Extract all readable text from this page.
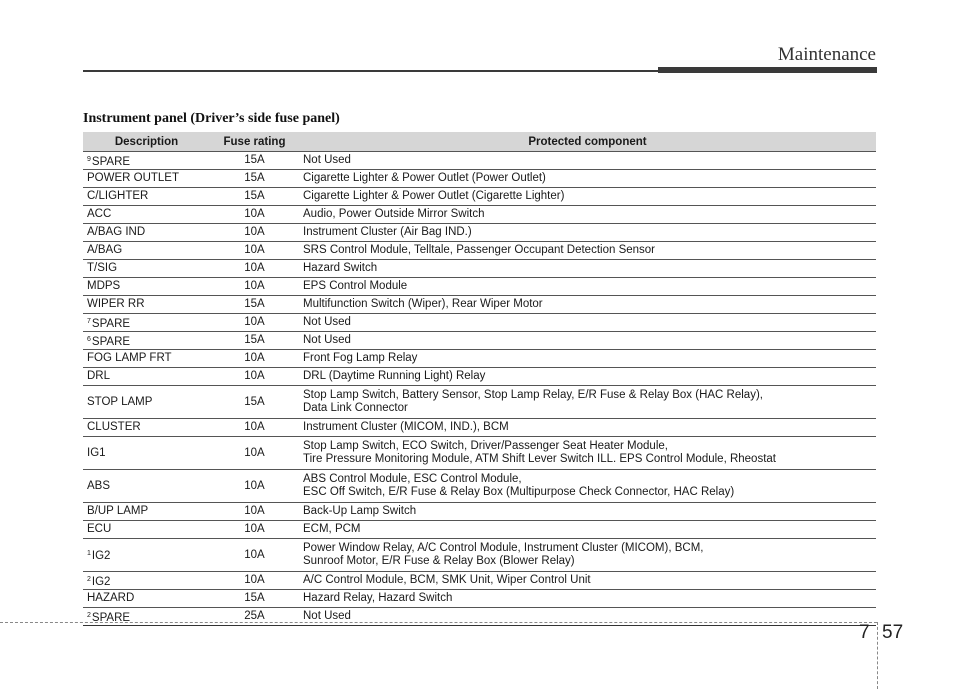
Maintenance
Instrument panel (Driver’s side fuse panel)
Description	Fuse rating	Protected component
$^9$SPARE	15A	Not Used

POWER OUTLET	15A	Cigarette Lighter & Power Outlet (Power Outlet)

C/LIGHTER	15A	Cigarette Lighter & Power Outlet (Cigarette Lighter)

ACC	10A	Audio, Power Outside Mirror Switch

A/BAG IND	10A	Instrument Cluster (Air Bag IND.)

A/BAG	10A	SRS Control Module, Telltale, Passenger Occupant Detection Sensor

T/SIG	10A	Hazard Switch

MDPS	10A	EPS Control Module

WIPER RR	15A	Multifunction Switch (Wiper), Rear Wiper Motor

$^7$SPARE	10A	Not Used

$^6$SPARE	15A	Not Used

FOG LAMP FRT	10A	Front Fog Lamp Relay

DRL	10A	DRL (Daytime Running Light) Relay

STOP LAMP	15A	Stop Lamp Switch, Battery Sensor, Stop Lamp Relay, E/R Fuse & Relay Box (HAC Relay),
Data Link Connector

CLUSTER	10A	Instrument Cluster (MICOM, IND.), BCM

IG1	10A	Stop Lamp Switch, ECO Switch, Driver/Passenger Seat Heater Module,
Tire Pressure Monitoring Module, ATM Shift Lever Switch ILL. EPS Control Module, Rheostat

ABS	10A	ABS Control Module, ESC Control Module,
ESC Off Switch, E/R Fuse & Relay Box (Multipurpose Check Connector, HAC Relay)

B/UP LAMP	10A	Back-Up Lamp Switch

ECU	10A	ECM, PCM

$^1$IG2	10A	Power Window Relay, A/C Control Module, Instrument Cluster (MICOM), BCM,
Sunroof Motor, E/R Fuse & Relay Box (Blower Relay)

$^2$IG2	10A	A/C Control Module, BCM, SMK Unit, Wiper Control Unit

HAZARD	15A	Hazard Relay, Hazard Switch

$^2$SPARE	25A	Not Used
7 57
